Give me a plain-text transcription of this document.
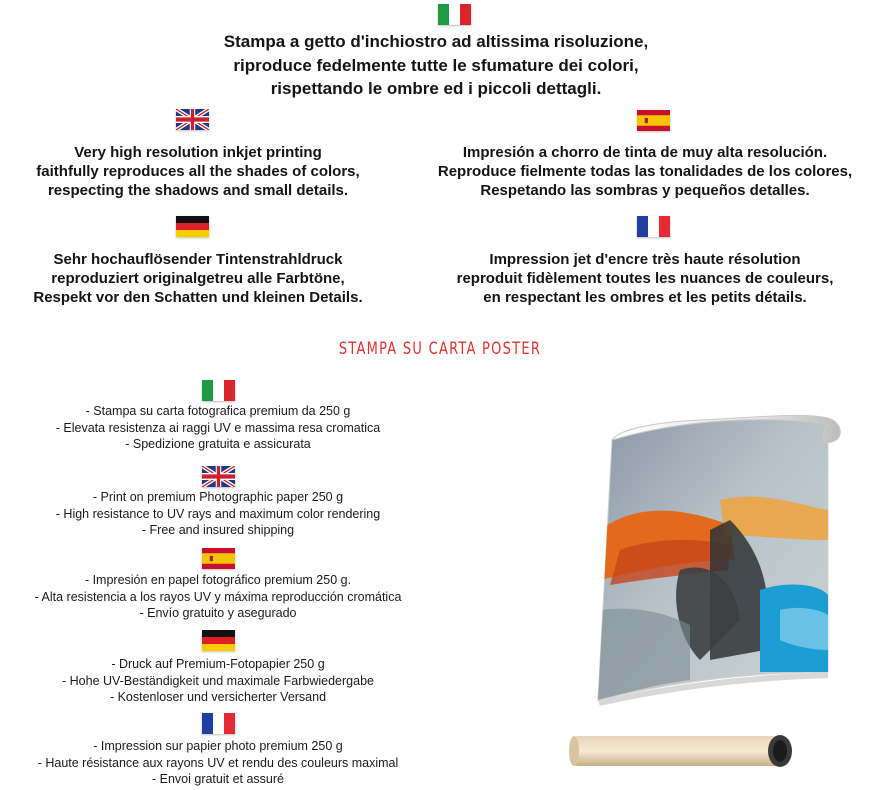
Stampa a getto d'inchiostro ad altissima risoluzione,

riproduce fedelmente tutte le sfumature dei colori,

rispettando le ombre ed i piccoli dettagli.

Very high resolution inkjet printing

faithfully reproduces all the shades of colors,

respecting the shadows and small details.

Impresión a chorro de tinta de muy alta resolución.

Reproduce fielmente todas las tonalidades de los colores,

Respetando las sombras y pequeños detalles.

Sehr hochauflösender Tintenstrahldruck

reproduziert originalgetreu alle Farbtöne,

Respekt vor den Schatten und kleinen Details.

Impression jet d'encre très haute résolution

reproduit fidèlement toutes les nuances de couleurs,

en respectant les ombres et les petits détails.

STAMPA SU CARTA POSTER

- Stampa su carta fotografica premium da 250 g

- Elevata resistenza ai raggi UV e massima resa cromatica

- Spedizione gratuita e assicurata

- Print on premium Photographic paper 250 g

- High resistance to UV rays and maximum color rendering

- Free and insured shipping

- Impresión en papel fotográfico premium 250 g.

- Alta resistencia a los rayos UV y máxima reproducción cromática

- Envío gratuito y asegurado

- Druck auf Premium-Fotopapier 250 g

- Hohe UV-Beständigkeit und maximale Farbwiedergabe

- Kostenloser und versicherter Versand

- Impression sur papier photo premium 250 g

- Haute résistance aux rayons UV et rendu des couleurs maximal

- Envoi gratuit et assuré
